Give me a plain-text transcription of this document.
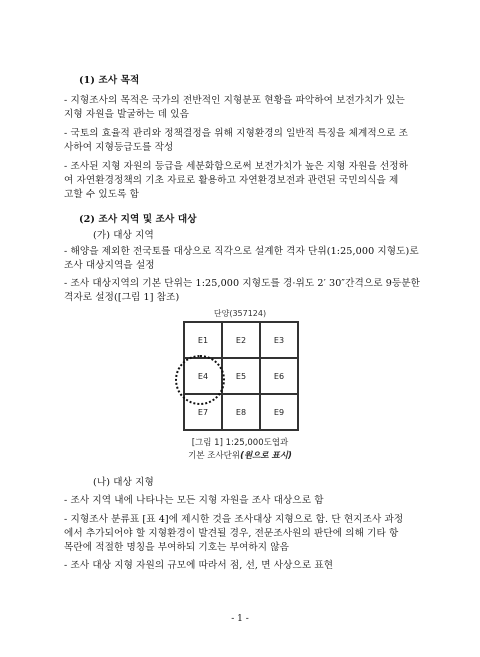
(1) 조사 목적
- 지형조사의 목적은 국가의 전반적인 지형분포 현황을 파악하여 보전가치가 있는
지형 자원을 발굴하는 데 있음
- 국토의 효율적 관리와 정책결정을 위해 지형환경의 일반적 특징을 체계적으로 조
사하여 지형등급도를 작성
- 조사된 지형 자원의 등급을 세분화함으로써 보전가치가 높은 지형 자원을 선정하
여 자연환경정책의 기초 자료로 활용하고 자연환경보전과 관련된 국민의식을 제
고할 수 있도록 함
(2) 조사 지역 및 조사 대상
(가) 대상 지역
- 해양을 제외한 전국토를 대상으로 직각으로 설계한 격자 단위(1:25,000 지형도)로
조사 대상지역을 설정
- 조사 대상지역의 기본 단위는 1:25,000 지형도를 경·위도 2′ 30″간격으로 9등분한
격자로 설정([그림 1] 참조)
단양(357124)
E1	E2	E3
E4	E5	E6
E7	E8	E9
[그림 1] 1:25,000도엽과
기본 조사단위(원으로 표시)
(나) 대상 지형
- 조사 지역 내에 나타나는 모든 지형 자원을 조사 대상으로 함
- 지형조사 분류표 [표 4]에 제시한 것을 조사대상 지형으로 함. 단 현지조사 과정
에서 추가되어야 할 지형환경이 발견될 경우, 전문조사원의 판단에 의해 기타 항
목란에 적절한 명칭을 부여하되 기호는 부여하지 않음
- 조사 대상 지형 자원의 규모에 따라서 점, 선, 면 사상으로 표현
- 1 -
